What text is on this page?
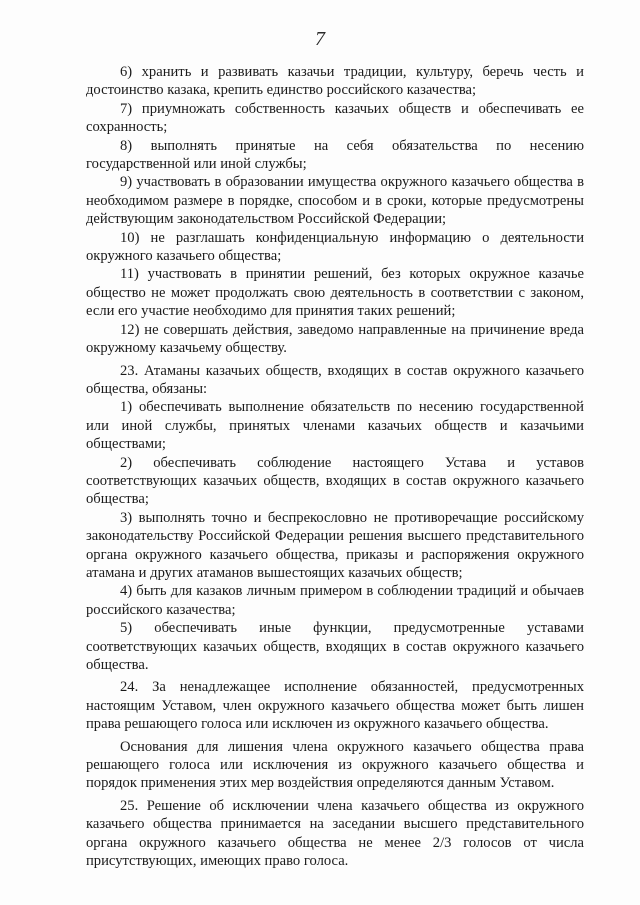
7

6) хранить и развивать казачьи традиции, культуру, беречь честь и достоинство казака, крепить единство российского казачества;

7) приумножать собственность казачьих обществ и обеспечивать ее сохранность;

8) выполнять принятые на себя обязательства по несению государственной или иной службы;

9) участвовать в образовании имущества окружного казачьего общества в необходимом размере в порядке, способом и в сроки, которые предусмотрены действующим законодательством Российской Федерации;

10) не разглашать конфиденциальную информацию о деятельности окружного казачьего общества;

11) участвовать в принятии решений, без которых окружное казачье общество не может продолжать свою деятельность в соответствии с законом, если его участие необходимо для принятия таких решений;

12) не совершать действия, заведомо направленные на причинение вреда окружному казачьему обществу.

23. Атаманы казачьих обществ, входящих в состав окружного казачьего общества, обязаны:

1) обеспечивать выполнение обязательств по несению государственной или иной службы, принятых членами казачьих обществ и казачьими обществами;

2) обеспечивать соблюдение настоящего Устава и уставов соответствующих казачьих обществ, входящих в состав окружного казачьего общества;

3) выполнять точно и беспрекословно не противоречащие российскому законодательству Российской Федерации решения высшего представительного органа окружного казачьего общества, приказы и распоряжения окружного атамана и других атаманов вышестоящих казачьих обществ;

4) быть для казаков личным примером в соблюдении традиций и обычаев российского казачества;

5) обеспечивать иные функции, предусмотренные уставами соответствующих казачьих обществ, входящих в состав окружного казачьего общества.

24. За ненадлежащее исполнение обязанностей, предусмотренных настоящим Уставом, член окружного казачьего общества может быть лишен права решающего голоса или исключен из окружного казачьего общества.

Основания для лишения члена окружного казачьего общества права решающего голоса или исключения из окружного казачьего общества и порядок применения этих мер воздействия определяются данным Уставом.

25. Решение об исключении члена казачьего общества из окружного казачьего общества принимается на заседании высшего представительного органа окружного казачьего общества не менее 2/3 голосов от числа присутствующих, имеющих право голоса.
